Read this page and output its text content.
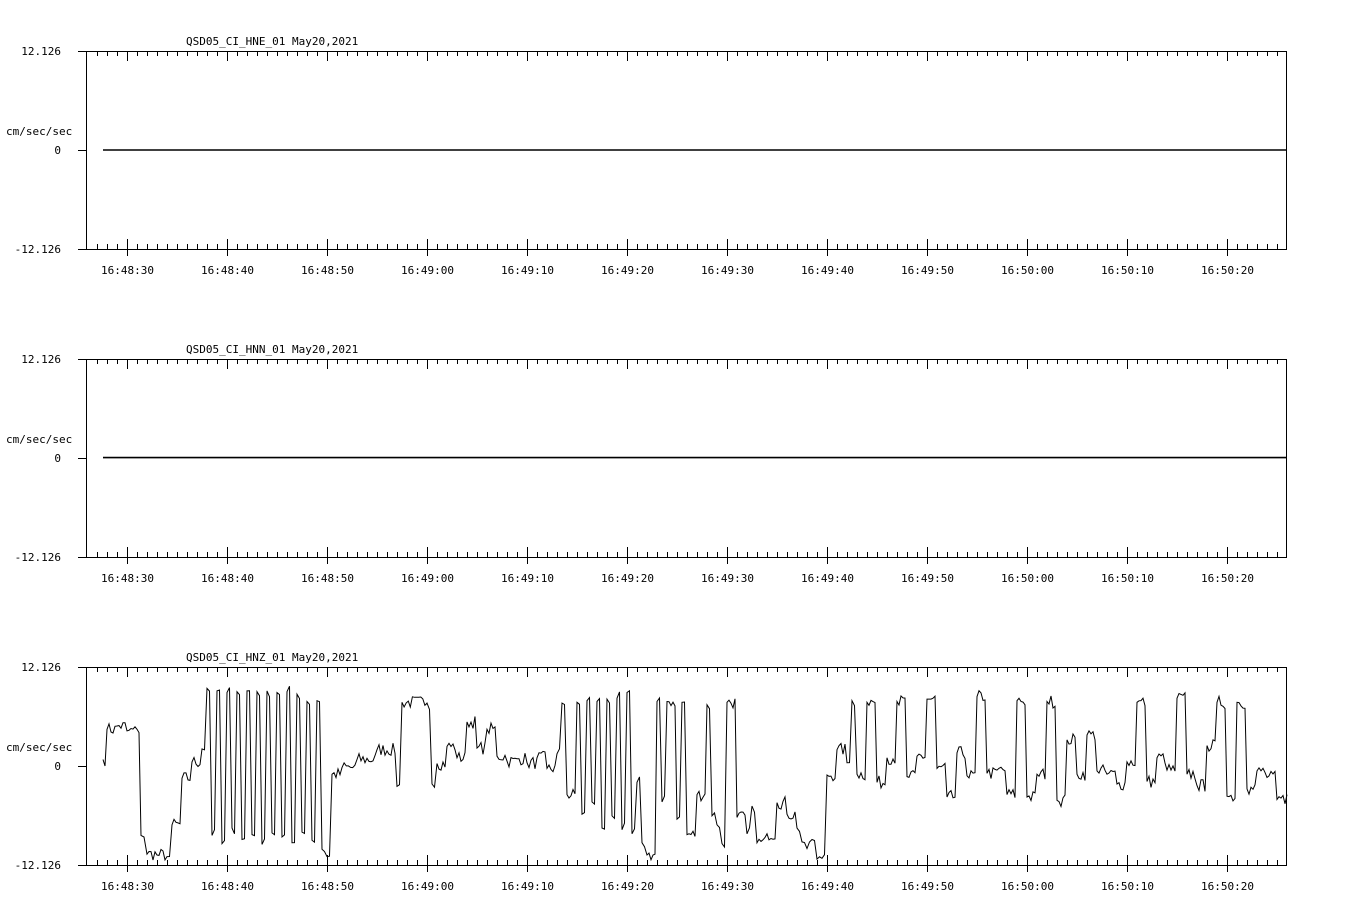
QSD05_CI_HNE_01 May20,2021
12.126
0
-12.126
cm/sec/sec
16:48:30	16:48:40	16:48:50	16:49:00	16:49:10	16:49:20	16:49:30	16:49:40	16:49:50	16:50:00	16:50:10	16:50:20
QSD05_CI_HNN_01 May20,2021
12.126
0
-12.126
cm/sec/sec
16:48:30	16:48:40	16:48:50	16:49:00	16:49:10	16:49:20	16:49:30	16:49:40	16:49:50	16:50:00	16:50:10	16:50:20
QSD05_CI_HNZ_01 May20,2021
12.126
0
-12.126
cm/sec/sec
16:48:30	16:48:40	16:48:50	16:49:00	16:49:10	16:49:20	16:49:30	16:49:40	16:49:50	16:50:00	16:50:10	16:50:20
